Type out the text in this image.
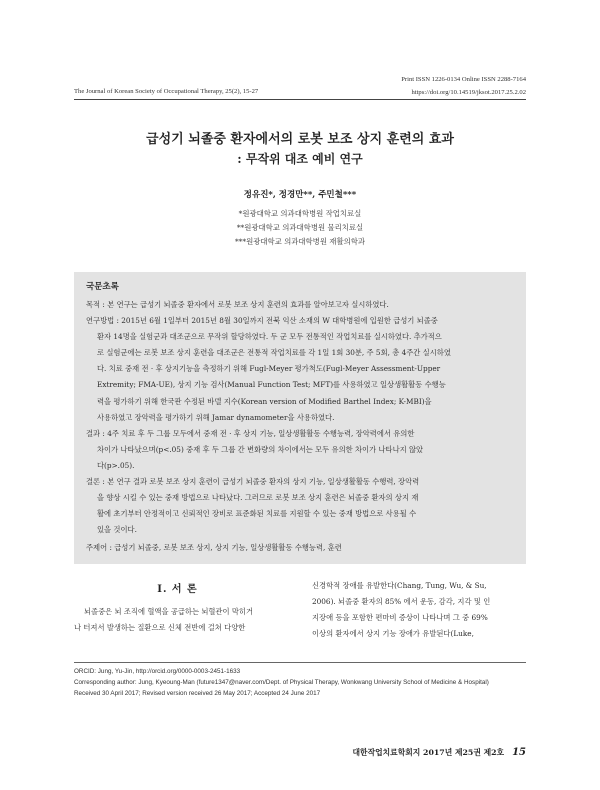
Print ISSN 1226-0134 Online ISSN 2288-7164
https://doi.org/10.14519/jksot.2017.25.2.02
The Journal of Korean Society of Occupational Therapy, 25(2), 15-27
급성기 뇌졸중 환자에서의 로봇 보조 상지 훈련의 효과
: 무작위 대조 예비 연구
정유진*, 정경만**, 주민철***
*원광대학교 의과대학병원 작업치료실
**원광대학교 의과대학병원 물리치료실
***원광대학교 의과대학병원 재활의학과
국문초록

목적 : 본 연구는 급성기 뇌졸중 환자에서 로봇 보조 상지 훈련의 효과를 알아보고자 실시하였다.

연구방법 : 2015년 6월 1일부터 2015년 8월 30일까지 전북 익산 소재의 W 대학병원에 입원한 급성기 뇌졸중

환자 14명을 실험군과 대조군으로 무작위 할당하였다. 두 군 모두 전통적인 작업치료를 실시하였다. 추가적으

로 실험군에는 로봇 보조 상지 훈련을 대조군은 전통적 작업치료를 각 1일 1회 30분, 주 5회, 총 4주간 실시하였

다. 치료 중재 전 · 후 상지기능을 측정하기 위해 Fugl-Meyer 평가척도(Fugl-Meyer Assessment-Upper

Extremity; FMA-UE), 상지 기능 검사(Manual Function Test; MFT)를 사용하였고 일상생활활동 수행능

력을 평가하기 위해 한국판 수정된 바델 지수(Korean version of Modified Barthel Index; K-MBI)을

사용하였고 장악력을 평가하기 위해 Jamar dynamometer을 사용하였다.

결과 : 4주 치료 후 두 그룹 모두에서 중재 전 · 후 상지 기능, 일상생활활동 수행능력, 장악력에서 유의한

차이가 나타났으며(p<.05) 중재 후 두 그룹 간 변화량의 차이에서는 모두 유의한 차이가 나타나지 않았

다(p>.05).

결론 : 본 연구 결과 로봇 보조 상지 훈련이 급성기 뇌졸중 환자의 상지 기능, 일상생활활동 수행력, 장악력

을 향상 시킬 수 있는 중재 방법으로 나타났다. 그러므로 로봇 보조 상지 훈련은 뇌졸중 환자의 상지 재

활에 초기부터 안정적이고 신뢰적인 장비로 표준화된 치료를 지원할 수 있는 중재 방법으로 사용될 수

있을 것이다.

주제어 : 급성기 뇌졸중, 로봇 보조 상지, 상지 기능, 일상생활활동 수행능력, 훈련
Ⅰ. 서 론

뇌졸중은 뇌 조직에 혈액을 공급하는 뇌혈관이 막히거

나 터져서 발생하는 질환으로 신체 전반에 걸쳐 다양한

신경학적 장애를 유발한다(Chang, Tung, Wu, & Su,

2006). 뇌졸중 환자의 85% 에서 운동, 감각, 지각 및 인

지장애 등을 포함한 편마비 증상이 나타나며 그 중 69%

이상의 환자에서 상지 기능 장애가 유발된다(Luke,

ORCID: Jung, Yu-Jin, http://orcid.org/0000-0003-2451-1633
Corresponding author: Jung, Kyeoung-Man (future1347@naver.com/Dept. of Physical Therapy, Wonkwang University School of Medicine & Hospital)
Received 30 April 2017; Revised version received 26 May 2017; Accepted 24 June 2017
대한작업치료학회지 2017년 제25권 제2호 15
